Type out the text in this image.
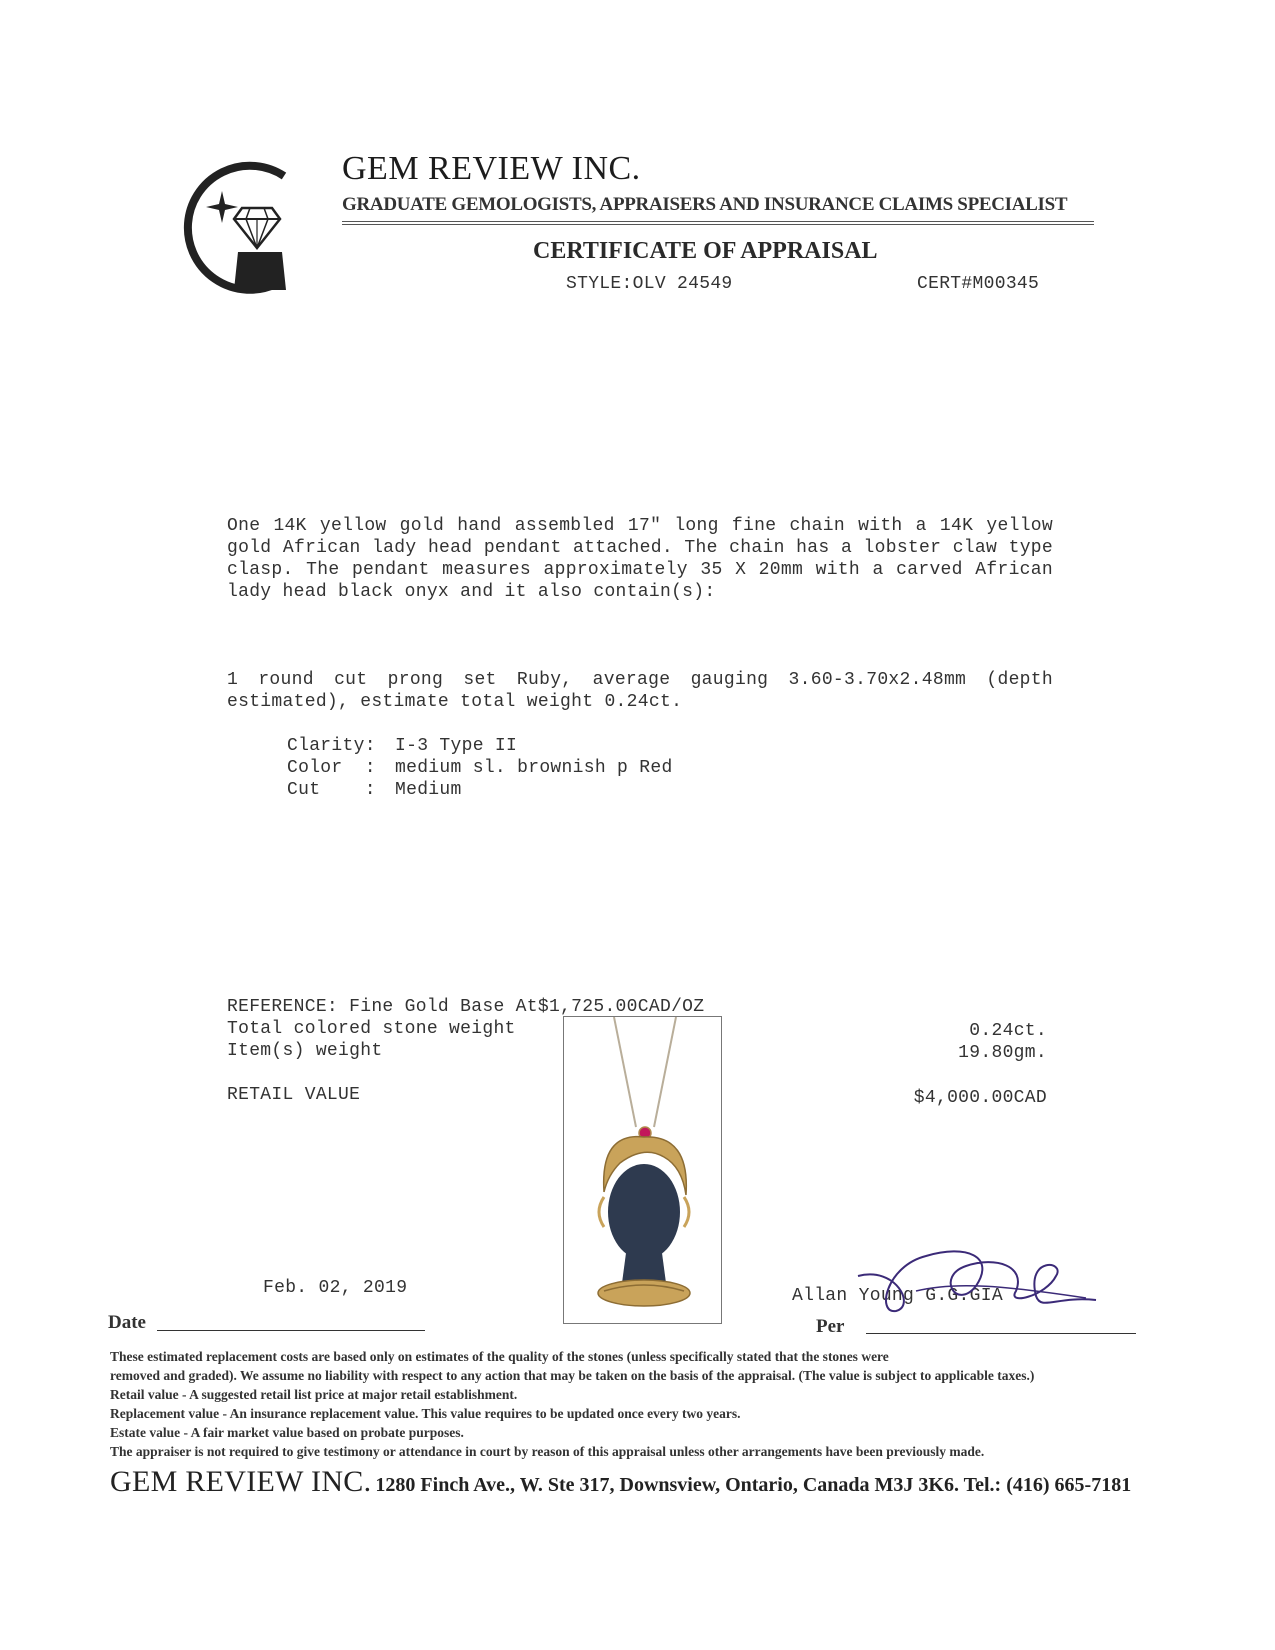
GEM REVIEW INC.
GRADUATE GEMOLOGISTS, APPRAISERS AND INSURANCE CLAIMS SPECIALIST
CERTIFICATE OF APPRAISAL
STYLE:OLV 24549	CERT#M00345
One 14K yellow gold hand assembled 17" long fine chain with a 14K yellow gold African lady head pendant attached. The chain has a lobster claw type clasp. The pendant measures approximately 35 X 20mm with a carved African lady head black onyx and it also contain(s):
1 round cut prong set Ruby, average gauging 3.60-3.70x2.48mm (depth estimated), estimate total weight 0.24ct.
Clarity: I-3 Type II
Color  : medium sl. brownish p Red
Cut    : Medium
REFERENCE: Fine Gold Base At$1,725.00CAD/OZ
Total colored stone weight
Item(s) weight
RETAIL VALUE
0.24ct.
19.80gm.
$4,000.00CAD
Feb. 02, 2019
Date
Allan Young G.G.GIA
Per
These estimated replacement costs are based only on estimates of the quality of the stones (unless specifically stated that the stones were
removed and graded). We assume no liability with respect to any action that may be taken on the basis of the appraisal. (The value is subject to applicable taxes.)
Retail value - A suggested retail list price at major retail establishment.
Replacement value - An insurance replacement value. This value requires to be updated once every two years.
Estate value - A fair market value based on probate purposes.
The appraiser is not required to give testimony or attendance in court by reason of this appraisal unless other arrangements have been previously made.
GEM REVIEW INC. 1280 Finch Ave., W. Ste 317, Downsview, Ontario, Canada M3J 3K6. Tel.: (416) 665-7181
